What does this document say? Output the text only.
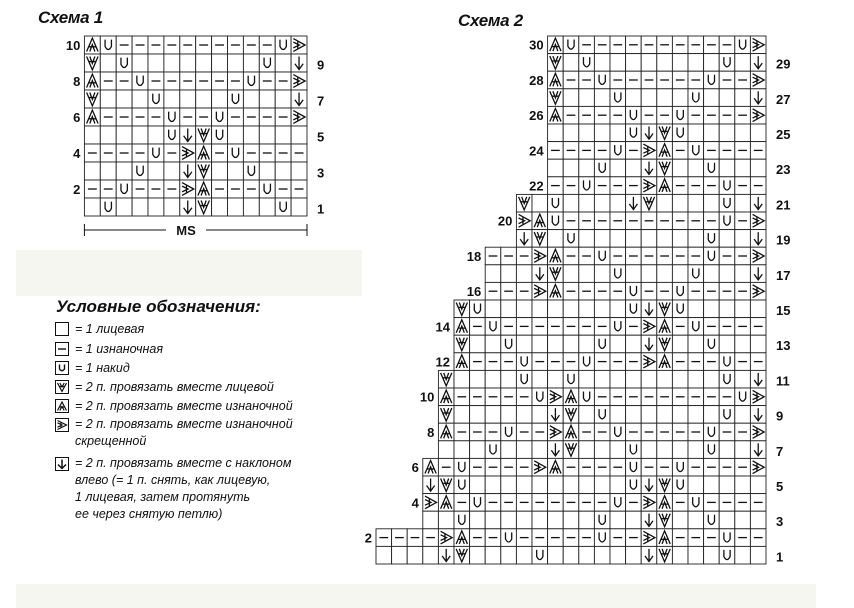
Схема 1	Схема 2
10
9
8
7
6
5
4
3
2
1
MS
30
29
28
27
26
25
24
23
22
21
20
19
18
17
16
15
14
13
12
11
10
9
8
7
6
5
4
3
2
1
Условные обозначения:
= 1 лицевая
= 1 изнаночная
= 1 накид
= 2 п. провязать вместе лицевой
= 2 п. провязать вместе изнаночной
= 2 п. провязать вместе изнаночной
скрещенной
= 2 п. провязать вместе с наклоном
влево (= 1 п. снять, как лицевую,
1 лицевая, затем протянуть
ее через снятую петлю)
